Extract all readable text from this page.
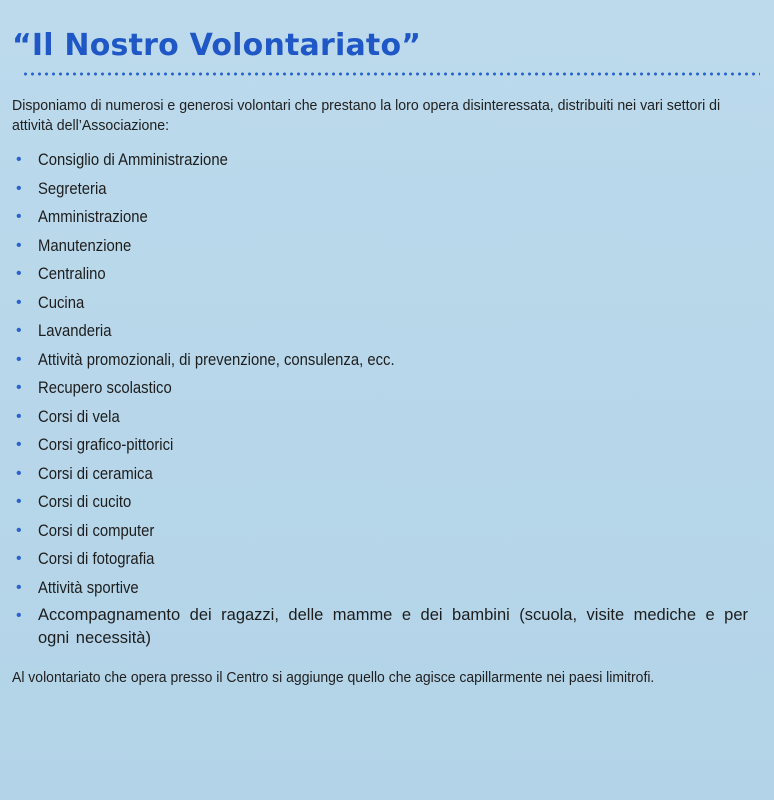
“Il Nostro Volontariato”

Disponiamo di numerosi e generosi volontari che prestano la loro opera disinteressata, distribuiti nei vari settori di attività dell’Associazione:

• Consiglio di Amministrazione
• Segreteria
• Amministrazione
• Manutenzione
• Centralino
• Cucina
• Lavanderia
• Attività promozionali, di prevenzione, consulenza, ecc.
• Recupero scolastico
• Corsi di vela
• Corsi grafico-pittorici
• Corsi di ceramica
• Corsi di cucito
• Corsi di computer
• Corsi di fotografia
• Attività sportive
• Accompagnamento dei ragazzi, delle mamme e dei bambini (scuola, visite mediche e per ogni necessità)

Al volontariato che opera presso il Centro si aggiunge quello che agisce capillarmente nei paesi limitrofi.
